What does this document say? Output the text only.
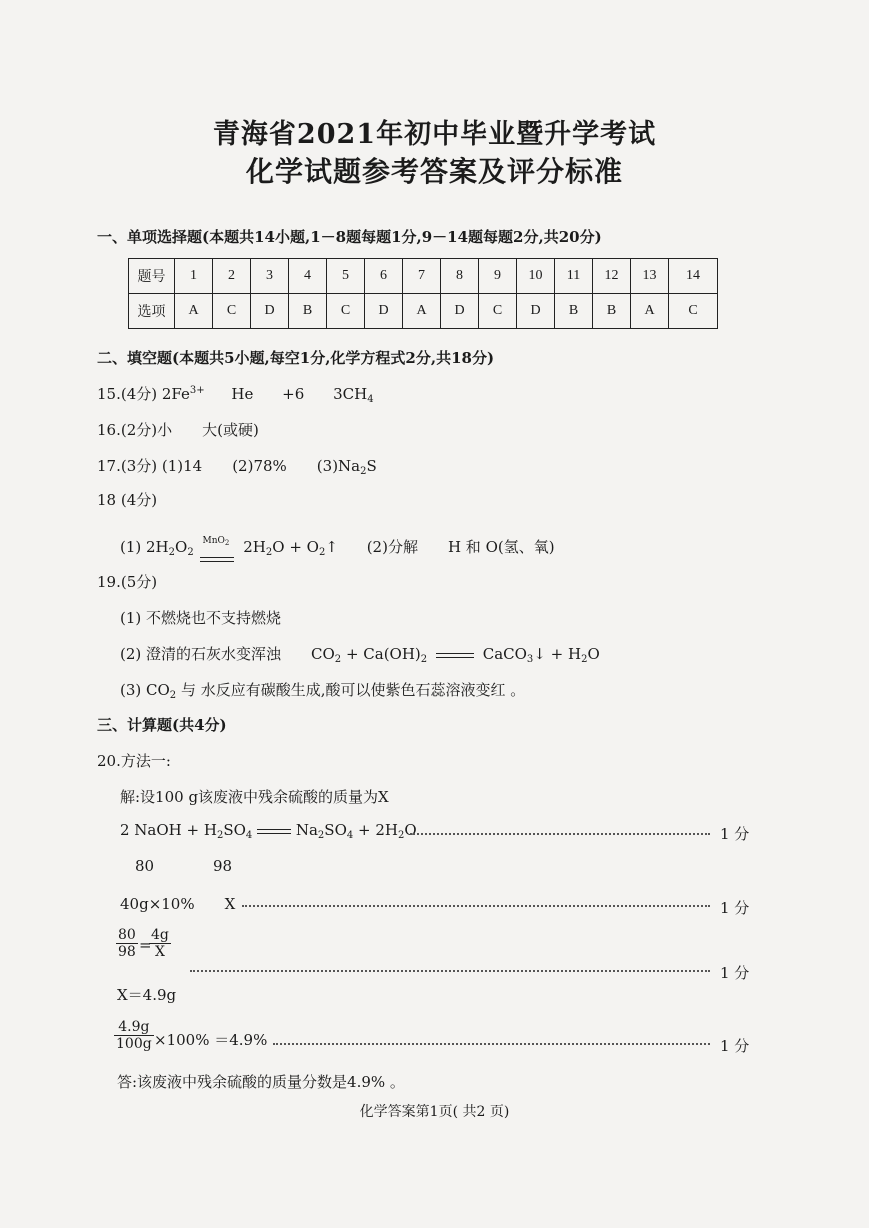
青海省2021年初中毕业暨升学考试
化学试题参考答案及评分标准
一、单项选择题(本题共14小题,1－8题每题1分,9－14题每题2分,共20分)
题号	1	2	3	4	5	6	7	8	9	10	11	12	13	14
选项	A	C	D	B	C	D	A	D	C	D	B	B	A	C
二、填空题(本题共5小题,每空1分,化学方程式2分,共18分)
15.(4分) $2Fe^{3+}$ He +6 $3CH_4$
16.(2分)小　　大(或硬)
17.(3分) (1)14　　(2)78%　　$(3)Na_2S$
18 (4分)
(1) $2H_2O_2$
MnO$_2$ $2H_2O$ + $O_2↑$ (2)分解　　H 和 O(氢、氧)
19.(5分)
(1) 不燃烧也不支持燃烧
(2) 澄清的石灰水变浑浊　　$CO_2 + Ca(OH)_2$	CaCO$_3$↓ + $H_2O$
(3) $CO_2$ 与 水反应有碳酸生成,酸可以使紫色石蕊溶液变红 。
三、计算题(共4分)
20.方法一:
解:设100 g该废液中残余硫酸的质量为X
2 NaOH + $H_2SO_4$	$Na_2SO_4 + 2H_2O$	1 分
80	98
40g×10%　　X	1 分
$\frac{80}{98}$ =
$\frac{4g}{X}$
1 分
X＝4.9g
$\frac{4.9g}{100g} \times 100\% =4.9\%$	1 分
答:该废液中残余硫酸的质量分数是4.9% 。
化学答案第1页( 共2 页)
